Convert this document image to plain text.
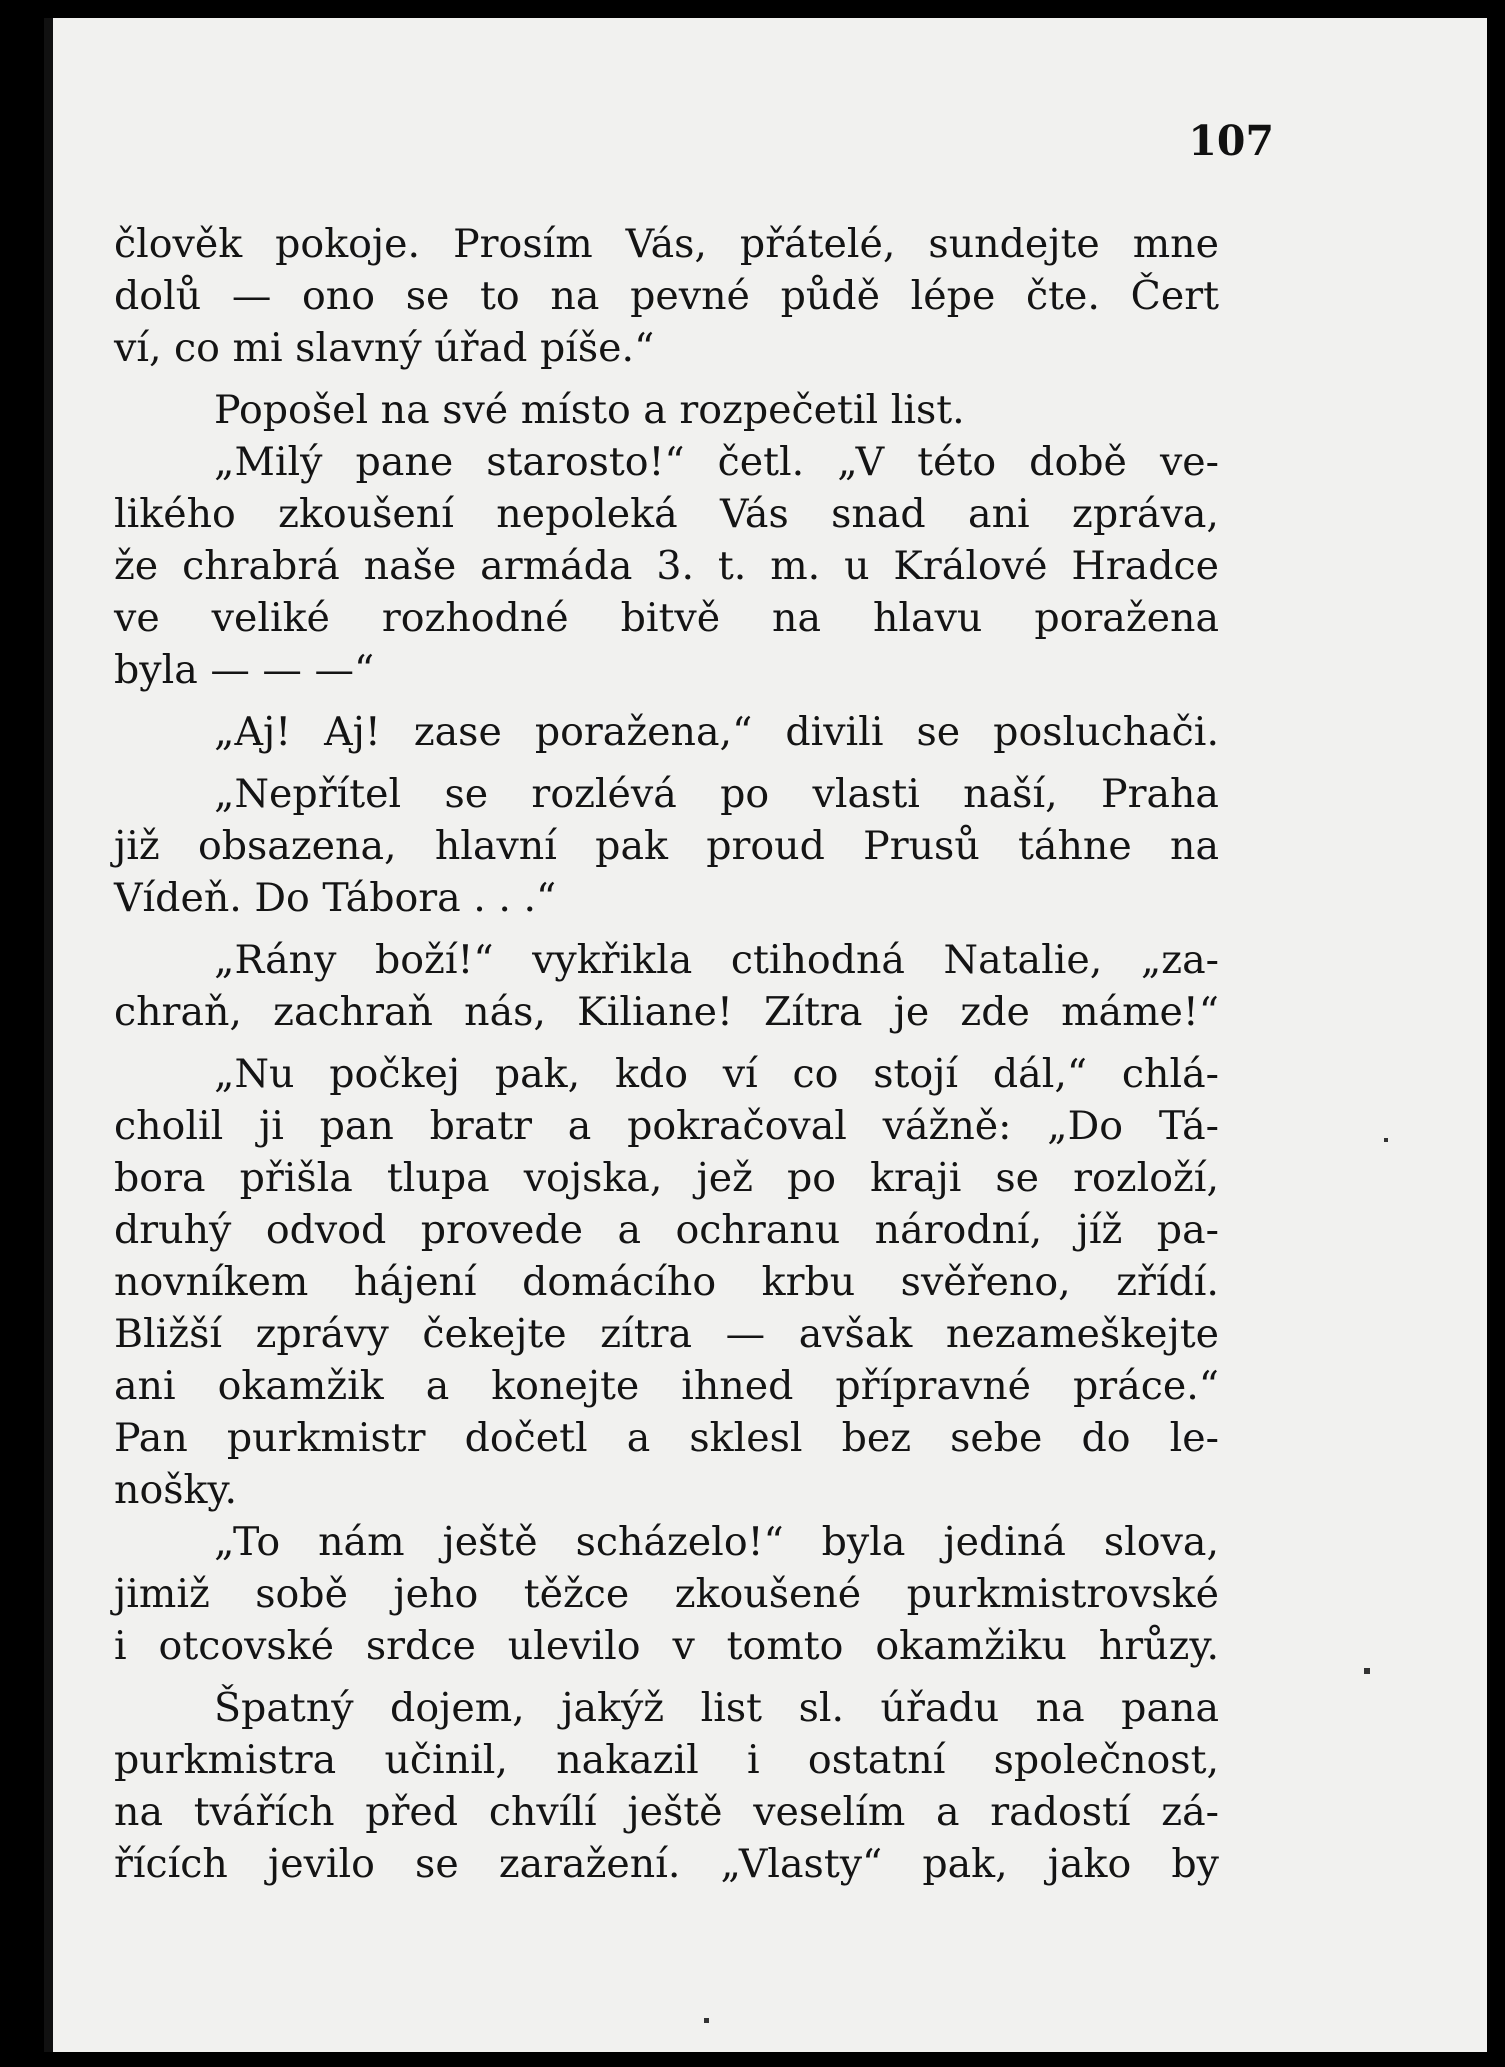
107
člověk pokoje. Prosím Vás, přátelé, sundejte mne
dolů — ono se to na pevné půdě lépe čte. Čert
ví, co mi slavný úřad píše.“
Popošel na své místo a rozpečetil list.
„Milý pane starosto!“ četl. „V této době ve-
likého zkoušení nepoleká Vás snad ani zpráva,
že chrabrá naše armáda 3. t. m. u Králové Hradce
ve veliké rozhodné bitvě na hlavu poražena
byla — — —“
„Aj! Aj! zase poražena,“ divili se posluchači.
„Nepřítel se rozlévá po vlasti naší, Praha
již obsazena, hlavní pak proud Prusů táhne na
Vídeň. Do Tábora . . .“
„Rány boží!“ vykřikla ctihodná Natalie, „za-
chraň, zachraň nás, Kiliane! Zítra je zde máme!“
„Nu počkej pak, kdo ví co stojí dál,“ chlá-
cholil ji pan bratr a pokračoval vážně: „Do Tá-
bora přišla tlupa vojska, jež po kraji se rozloží,
druhý odvod provede a ochranu národní, jíž pa-
novníkem hájení domácího krbu svěřeno, zřídí.
Bližší zprávy čekejte zítra — avšak nezameškejte
ani okamžik a konejte ihned přípravné práce.“
Pan purkmistr dočetl a sklesl bez sebe do le-
nošky.
„To nám ještě scházelo!“ byla jediná slova,
jimiž sobě jeho těžce zkoušené purkmistrovské
i otcovské srdce ulevilo v tomto okamžiku hrůzy.
Špatný dojem, jakýž list sl. úřadu na pana
purkmistra učinil, nakazil i ostatní společnost,
na tvářích před chvílí ještě veselím a radostí zá-
řících jevilo se zaražení. „Vlasty“ pak, jako by
